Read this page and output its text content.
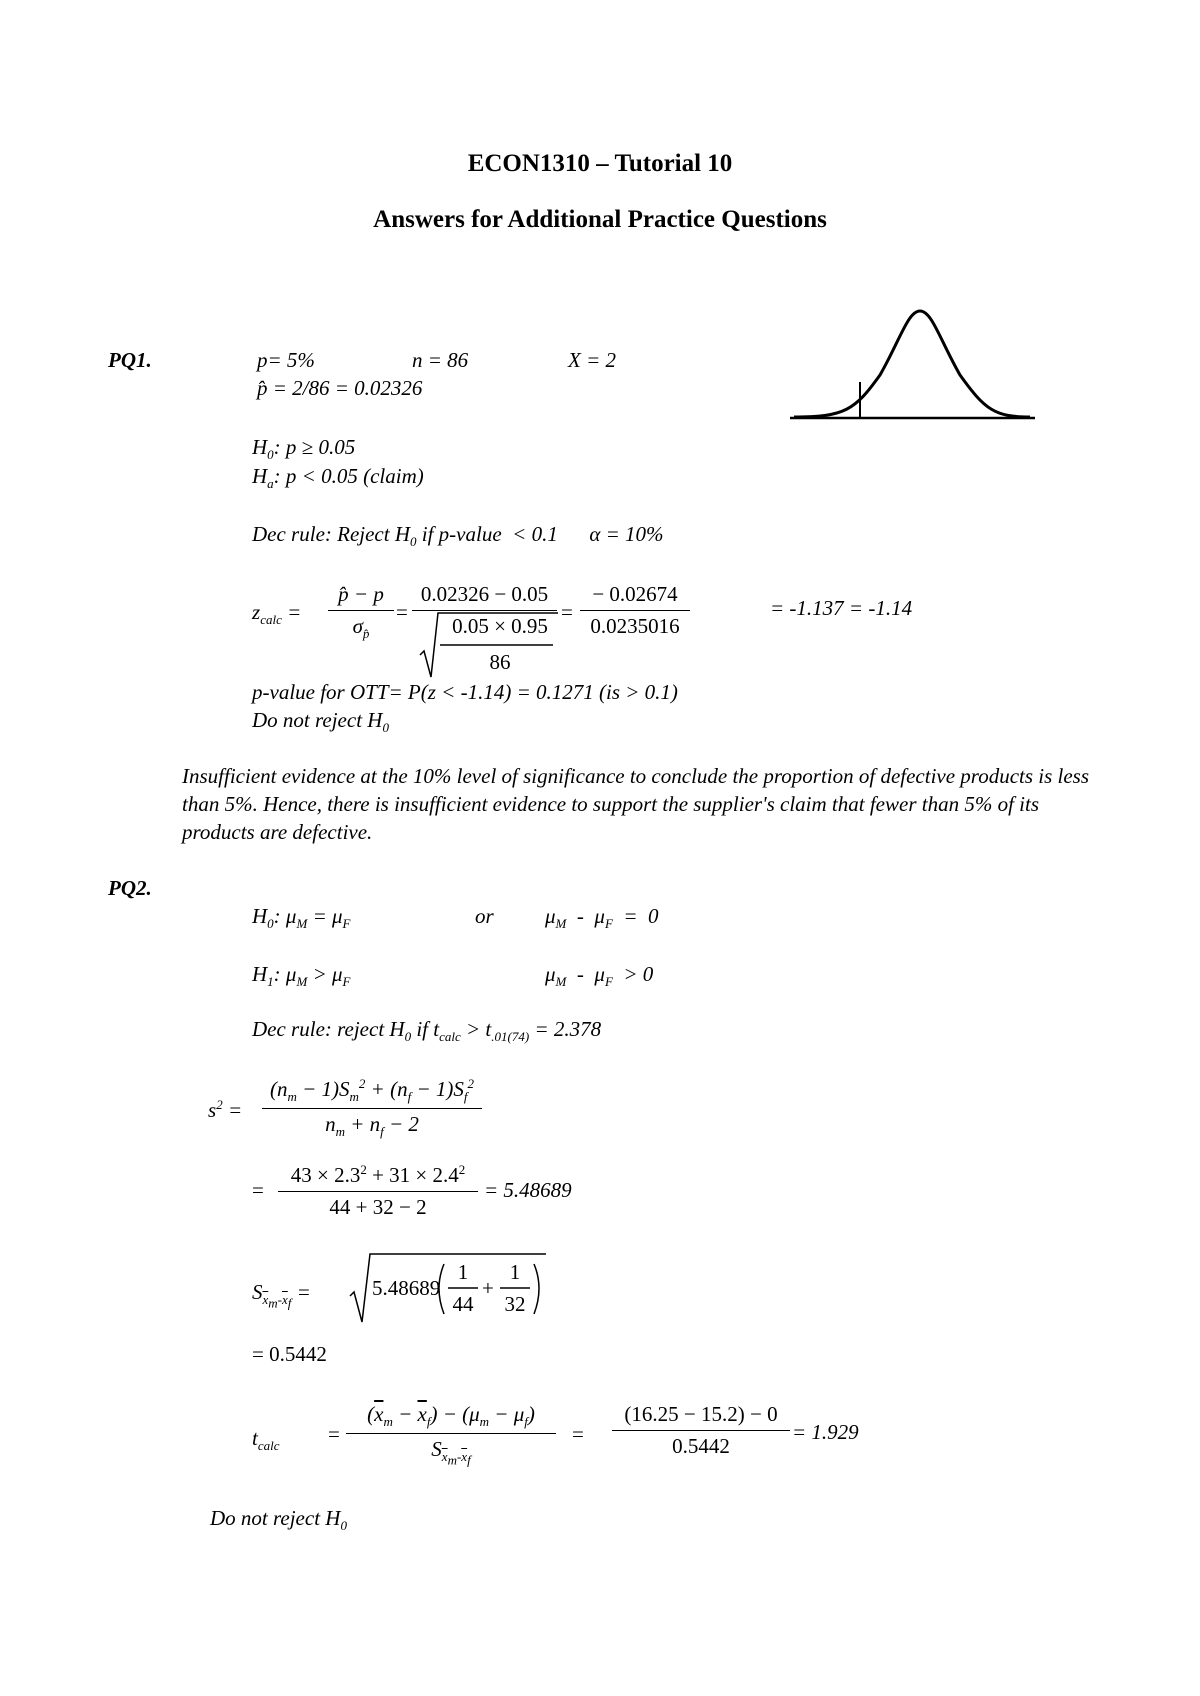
ECON1310 – Tutorial 10
Answers for Additional Practice Questions
PQ1.	p= 5%	n = 86	X = 2
p̂ = 2/86 = 0.02326
$H_0$: p ≥ 0.05
$H_a$: p < 0.05 (claim)
Dec rule: Reject $H_0$ if p-value  < 0.1      α = 10%
$z_{calc}$ =
p̂ − p
$\sigma_{p̂}$
=
0.02326 − 0.05
0.05 × 0.95
86
=
− 0.02674
0.0235016
= -1.137 = -1.14
p-value for OTT= P(z < -1.14) = 0.1271 (is > 0.1)
Do not reject $H_0$
Insufficient evidence at the 10% level of significance to conclude the proportion of defective products is less than 5%. Hence, there is insufficient evidence to support the supplier's claim that fewer than 5% of its products are defective.
PQ2.
$H_0$: $\mu_M = \mu_F$	or $\mu_M - \mu_F = 0$
$H_1$: $\mu_M > \mu_F$	$\mu_M - \mu_F > 0$
Dec rule: reject $H_0$ if $t_{calc} > t_{.01(74)} = 2.378$
$s^2$ =
$(n_m - 1)S_m^2 + (n_f - 1)S_f^2$
$n_m + n_f - 2$
=
$43 \times 2.3^2 + 31 \times 2.4^2$
44 + 32 − 2
= 5.48689
$S_{\overline{x}_m-\overline{x}_f}$ =	5.48689
1
44
+
1
32
= 0.5442
$t_{calc}$ =
$(\overline{x}_m - \overline{x}_f) - (\mu_m - \mu_f)$
$S_{\overline{x}_m-\overline{x}_f}$
=
(16.25 − 15.2) − 0
0.5442
= 1.929
Do not reject $H_0$
